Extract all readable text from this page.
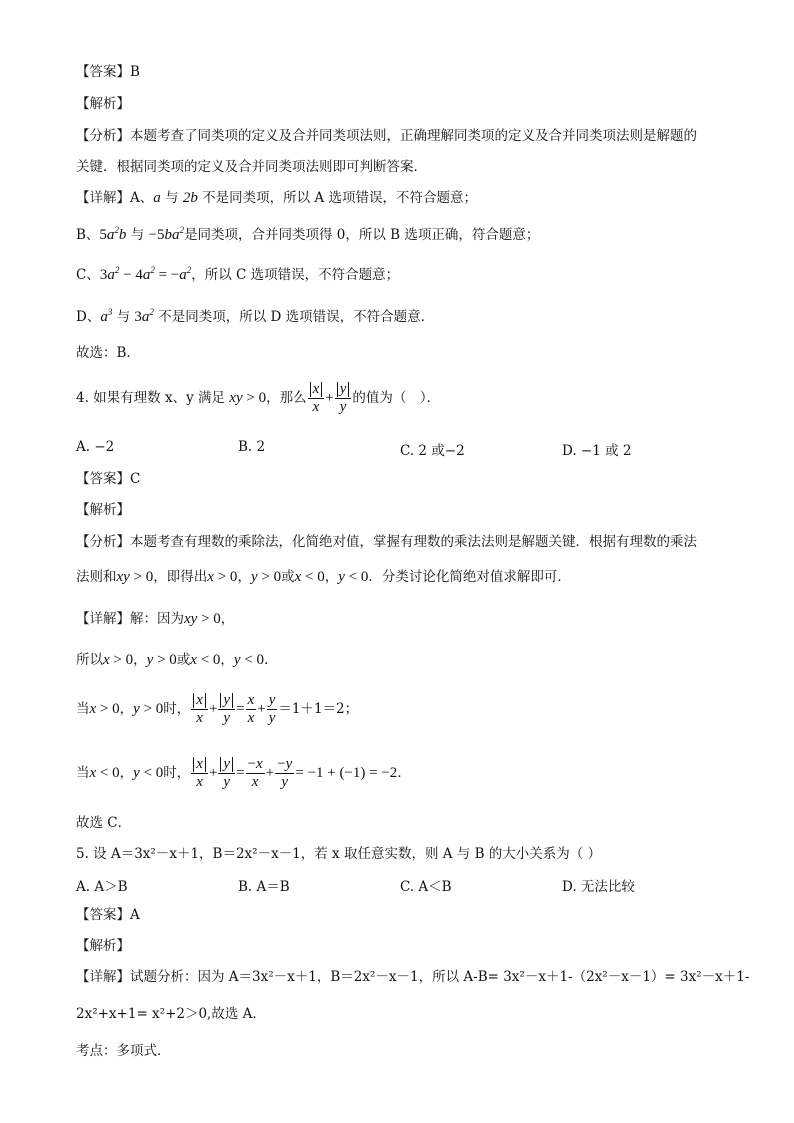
【答案】B
【解析】
【分析】本题考查了同类项的定义及合并同类项法则，正确理解同类项的定义及合并同类项法则是解题的
关键．根据同类项的定义及合并同类项法则即可判断答案．
【详解】A、a 与 2b 不是同类项，所以 A 选项错误，不符合题意；
B、$5a^2b$ 与 $-5ba^2$是同类项，合并同类项得 0，所以 B 选项正确，符合题意；
C、$3a^2 - 4a^2 = -a^2$，所以 C 选项错误，不符合题意；
D、$a^3$ 与 $3a^2$ 不是同类项，所以 D 选项错误，不符合题意．
故选：B．
4. 如果有理数 x、y 满足 xy > 0，那么 $\frac{x}{x} + \frac{y}{y}$ 的值为（　）．
A. −2	B. 2	C. 2 或−2	D. −1 或 2
【答案】C
【解析】
【分析】本题考查有理数的乘除法，化简绝对值，掌握有理数的乘法法则是解题关键．根据有理数的乘法
法则和xy > 0，即得出x > 0，y > 0或x < 0，y < 0．分类讨论化简绝对值求解即可．
【详解】解：因为xy > 0，
所以x > 0，y > 0或x < 0，y < 0．
当x > 0，y > 0时， $\frac{x}{x} + \frac{y}{y} = \frac{x}{x} + \frac{y}{y} =1+1=2$；
当x < 0，y < 0时， $\frac{x}{x} + \frac{y}{y} = \frac{-x}{x} + \frac{-y}{y} = -1 + (-1) = -2$．
故选 C．
5. 设 A＝3x²－x＋1，B＝2x²－x－1，若 x 取任意实数，则 A 与 B 的大小关系为（ ）
A. A＞B	B. A＝B	C. A＜B	D. 无法比较
【答案】A
【解析】
【详解】试题分析：因为 A＝3x²－x＋1，B＝2x²－x－1，所以 A-B= 3x²－x＋1-（2x²－x－1）= 3x²－x＋1-
2x²+x+1= x²+2＞0,故选 A．
考点：多项式．
